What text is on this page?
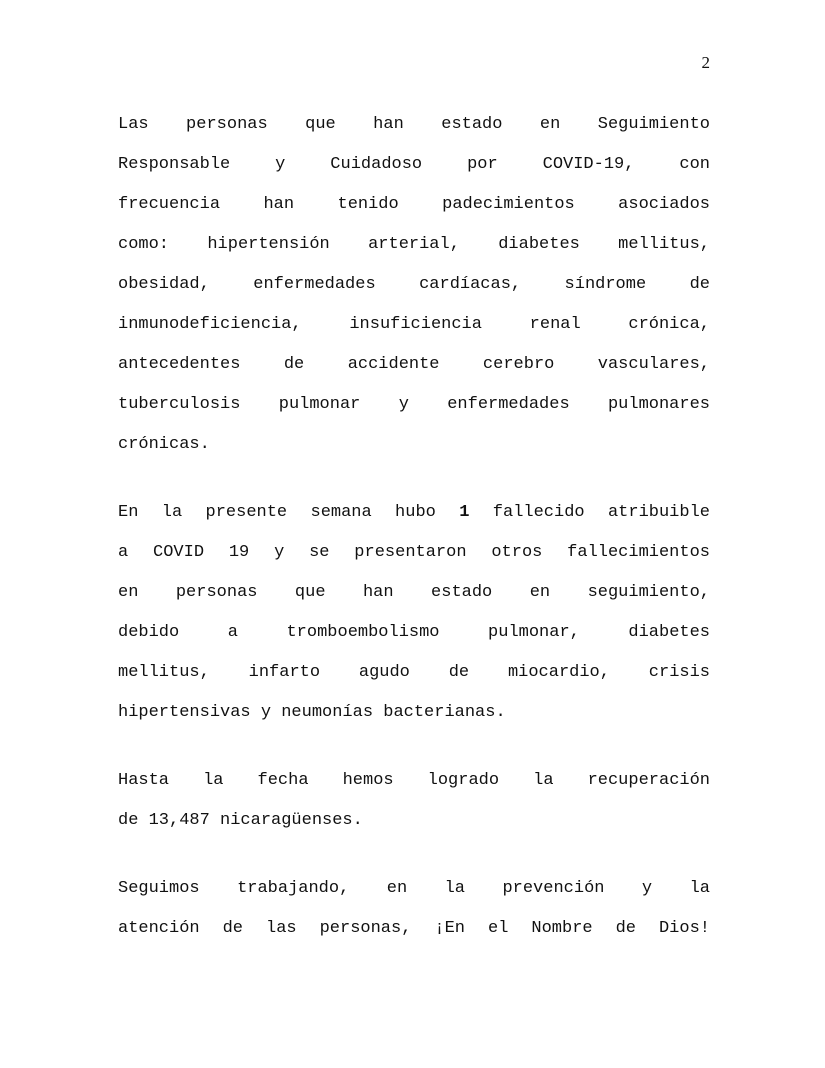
2
Las personas que han estado en Seguimiento
Responsable y Cuidadoso por COVID-19, con
frecuencia han tenido padecimientos asociados
como: hipertensión arterial, diabetes mellitus,
obesidad, enfermedades cardíacas, síndrome de
inmunodeficiencia, insuficiencia renal crónica,
antecedentes de accidente cerebro vasculares,
tuberculosis pulmonar y enfermedades pulmonares
crónicas.
En la presente semana hubo 1 fallecido atribuible
a COVID 19 y se presentaron otros fallecimientos
en personas que han estado en seguimiento,
debido a tromboembolismo pulmonar, diabetes
mellitus, infarto agudo de miocardio, crisis
hipertensivas y neumonías bacterianas.
Hasta la fecha hemos logrado la recuperación
de 13,487 nicaragüenses.
Seguimos trabajando, en la prevención y la
atención de las personas, ¡En el Nombre de Dios!
